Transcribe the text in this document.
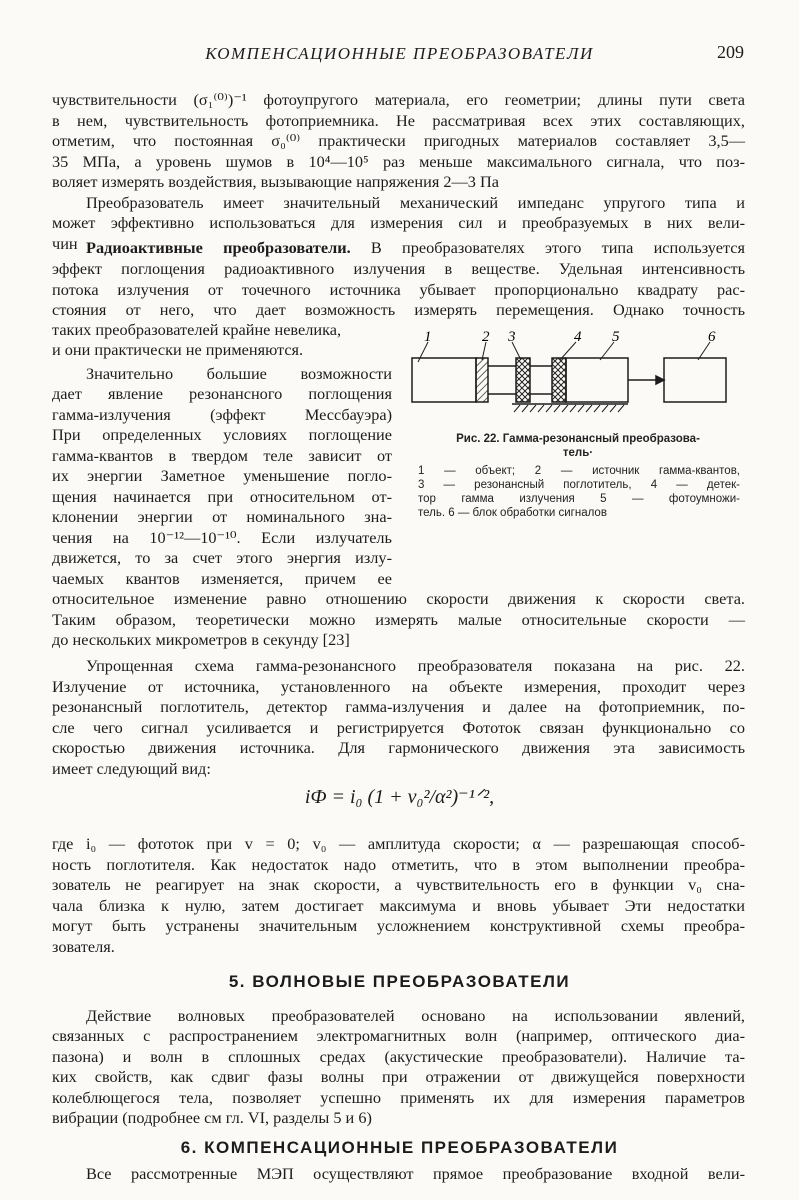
КОМПЕНСАЦИОННЫЕ ПРЕОБРАЗОВАТЕЛИ	209
чувствительности (σ₁⁽⁰⁾)⁻¹ фотоупругого материала, его геометрии; длины пути света
в нем, чувствительность фотоприемника. Не рассматривая всех этих составляющих,
отметим, что постоянная σ₀⁽⁰⁾ практически пригодных материалов составляет 3,5—
35 МПа, а уровень шумов в 10⁴—10⁵ раз меньше максимального сигнала, что поз-
воляет измерять воздействия, вызывающие напряжения 2—3 Па
Преобразователь имеет значительный механический импеданс упругого типа и
может эффективно использоваться для измерения сил и преобразуемых в них вели-
чин Радиоактивные преобразователи. В преобразователях этого типа используется
эффект поглощения радиоактивного излучения в веществе. Удельная интенсивность
потока излучения от точечного источника убывает пропорционально квадрату рас-
стояния от него, что дает возможность измерять перемещения. Однако точность
таких преобразователей крайне невелика,
и они практически не применяются.
Значительно большие возможности
дает явление резонансного поглощения
гамма-излучения (эффект Мессбауэра)
При определенных условиях поглощение
гамма-квантов в твердом теле зависит от
их энергии Заметное уменьшение погло-
щения начинается при относительном от-
клонении энергии от номинального зна-
чения на 10⁻¹²—10⁻¹⁰. Если излучатель
движется, то за счет этого энергия излу-
чаемых квантов изменяется, причем ее
1	2 3	4 5	6
Рис. 22. Гамма-резонансный преобразова-
тель·
1 — объект; 2 — источник гамма-квантов,
3 — резонансный поглотитель, 4 — детек-
тор гамма излучения 5 — фотоумножи-
тель. 6 — блок обработки сигналов
относительное изменение равно отношению скорости движения к скорости света.
Таким образом, теоретически можно измерять малые относительные скорости —
до нескольких микрометров в секунду [23]
Упрощенная схема гамма-резонансного преобразователя показана на рис. 22.
Излучение от источника, установленного на объекте измерения, проходит через
резонансный поглотитель, детектор гамма-излучения и далее на фотоприемник, по-
сле чего сигнал усиливается и регистрируется Фототок связан функционально со
скоростью движения источника. Для гармонического движения эта зависимость
имеет следующий вид:
iФ = i₀ (1 + v₀²/α²)⁻¹ᐟ²,
где i₀ — фототок при v = 0; v₀ — амплитуда скорости; α — разрешающая способ-
ность поглотителя. Как недостаток надо отметить, что в этом выполнении преобра-
зователь не реагирует на знак скорости, а чувствительность его в функции v₀ сна-
чала близка к нулю, затем достигает максимума и вновь убывает Эти недостатки
могут быть устранены значительным усложнением конструктивной схемы преобра-
зователя.
5. ВОЛНОВЫЕ ПРЕОБРАЗОВАТЕЛИ
Действие волновых преобразователей основано на использовании явлений,
связанных с распространением электромагнитных волн (например, оптического диа-
пазона) и волн в сплошных средах (акустические преобразователи). Наличие та-
ких свойств, как сдвиг фазы волны при отражении от движущейся поверхности
колеблющегося тела, позволяет успешно применять их для измерения параметров
вибрации (подробнее см гл. VI, разделы 5 и 6)
6. КОМПЕНСАЦИОННЫЕ ПРЕОБРАЗОВАТЕЛИ
Все рассмотренные МЭП осуществляют прямое преобразование входной вели-
